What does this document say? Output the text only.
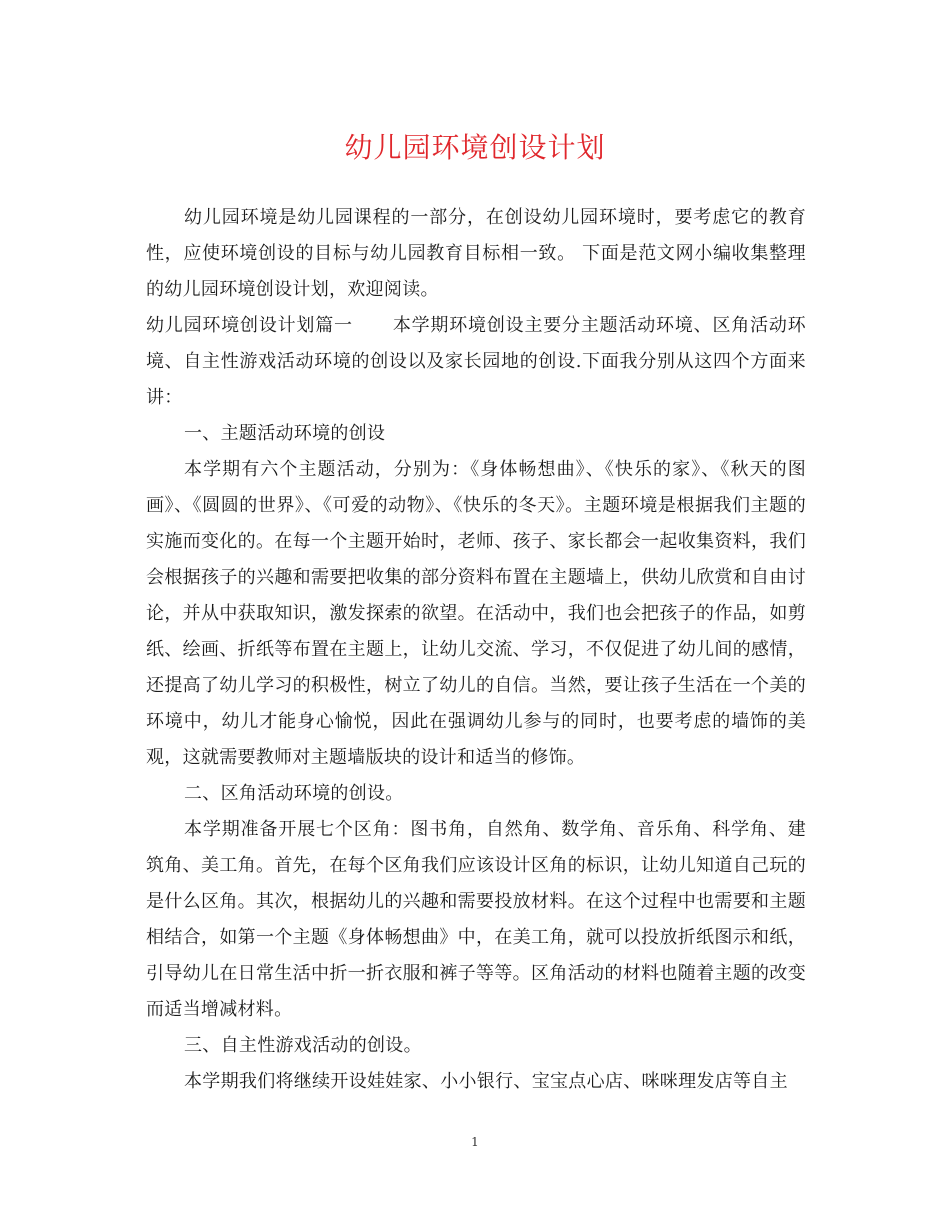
幼儿园环境创设计划

幼儿园环境是幼儿园课程的一部分，在创设幼儿园环境时，要考虑它的教育性，应使环境创设的目标与幼儿园教育目标相一致。 下面是范文网小编收集整理的幼儿园环境创设计划，欢迎阅读。

幼儿园环境创设计划篇一 本学期环境创设主要分主题活动环境、区角活动环境、自主性游戏活动环境的创设以及家长园地的创设.下面我分别从这四个方面来讲：

一、主题活动环境的创设

本学期有六个主题活动，分别为：《身体畅想曲》、《快乐的家》、《秋天的图画》、《圆圆的世界》、《可爱的动物》、《快乐的冬天》。主题环境是根据我们主题的实施而变化的。在每一个主题开始时，老师、孩子、家长都会一起收集资料，我们会根据孩子的兴趣和需要把收集的部分资料布置在主题墙上，供幼儿欣赏和自由讨论，并从中获取知识，激发探索的欲望。在活动中，我们也会把孩子的作品，如剪纸、绘画、折纸等布置在主题上，让幼儿交流、学习，不仅促进了幼儿间的感情，还提高了幼儿学习的积极性，树立了幼儿的自信。当然，要让孩子生活在一个美的环境中，幼儿才能身心愉悦，因此在强调幼儿参与的同时，也要考虑的墙饰的美观，这就需要教师对主题墙版块的设计和适当的修饰。

二、区角活动环境的创设。

本学期准备开展七个区角：图书角，自然角、数学角、音乐角、科学角、建筑角、美工角。首先，在每个区角我们应该设计区角的标识，让幼儿知道自己玩的是什么区角。其次，根据幼儿的兴趣和需要投放材料。在这个过程中也需要和主题相结合，如第一个主题《身体畅想曲》中，在美工角，就可以投放折纸图示和纸，引导幼儿在日常生活中折一折衣服和裤子等等。区角活动的材料也随着主题的改变而适当增减材料。

三、自主性游戏活动的创设。

本学期我们将继续开设娃娃家、小小银行、宝宝点心店、咪咪理发店等自主

1
